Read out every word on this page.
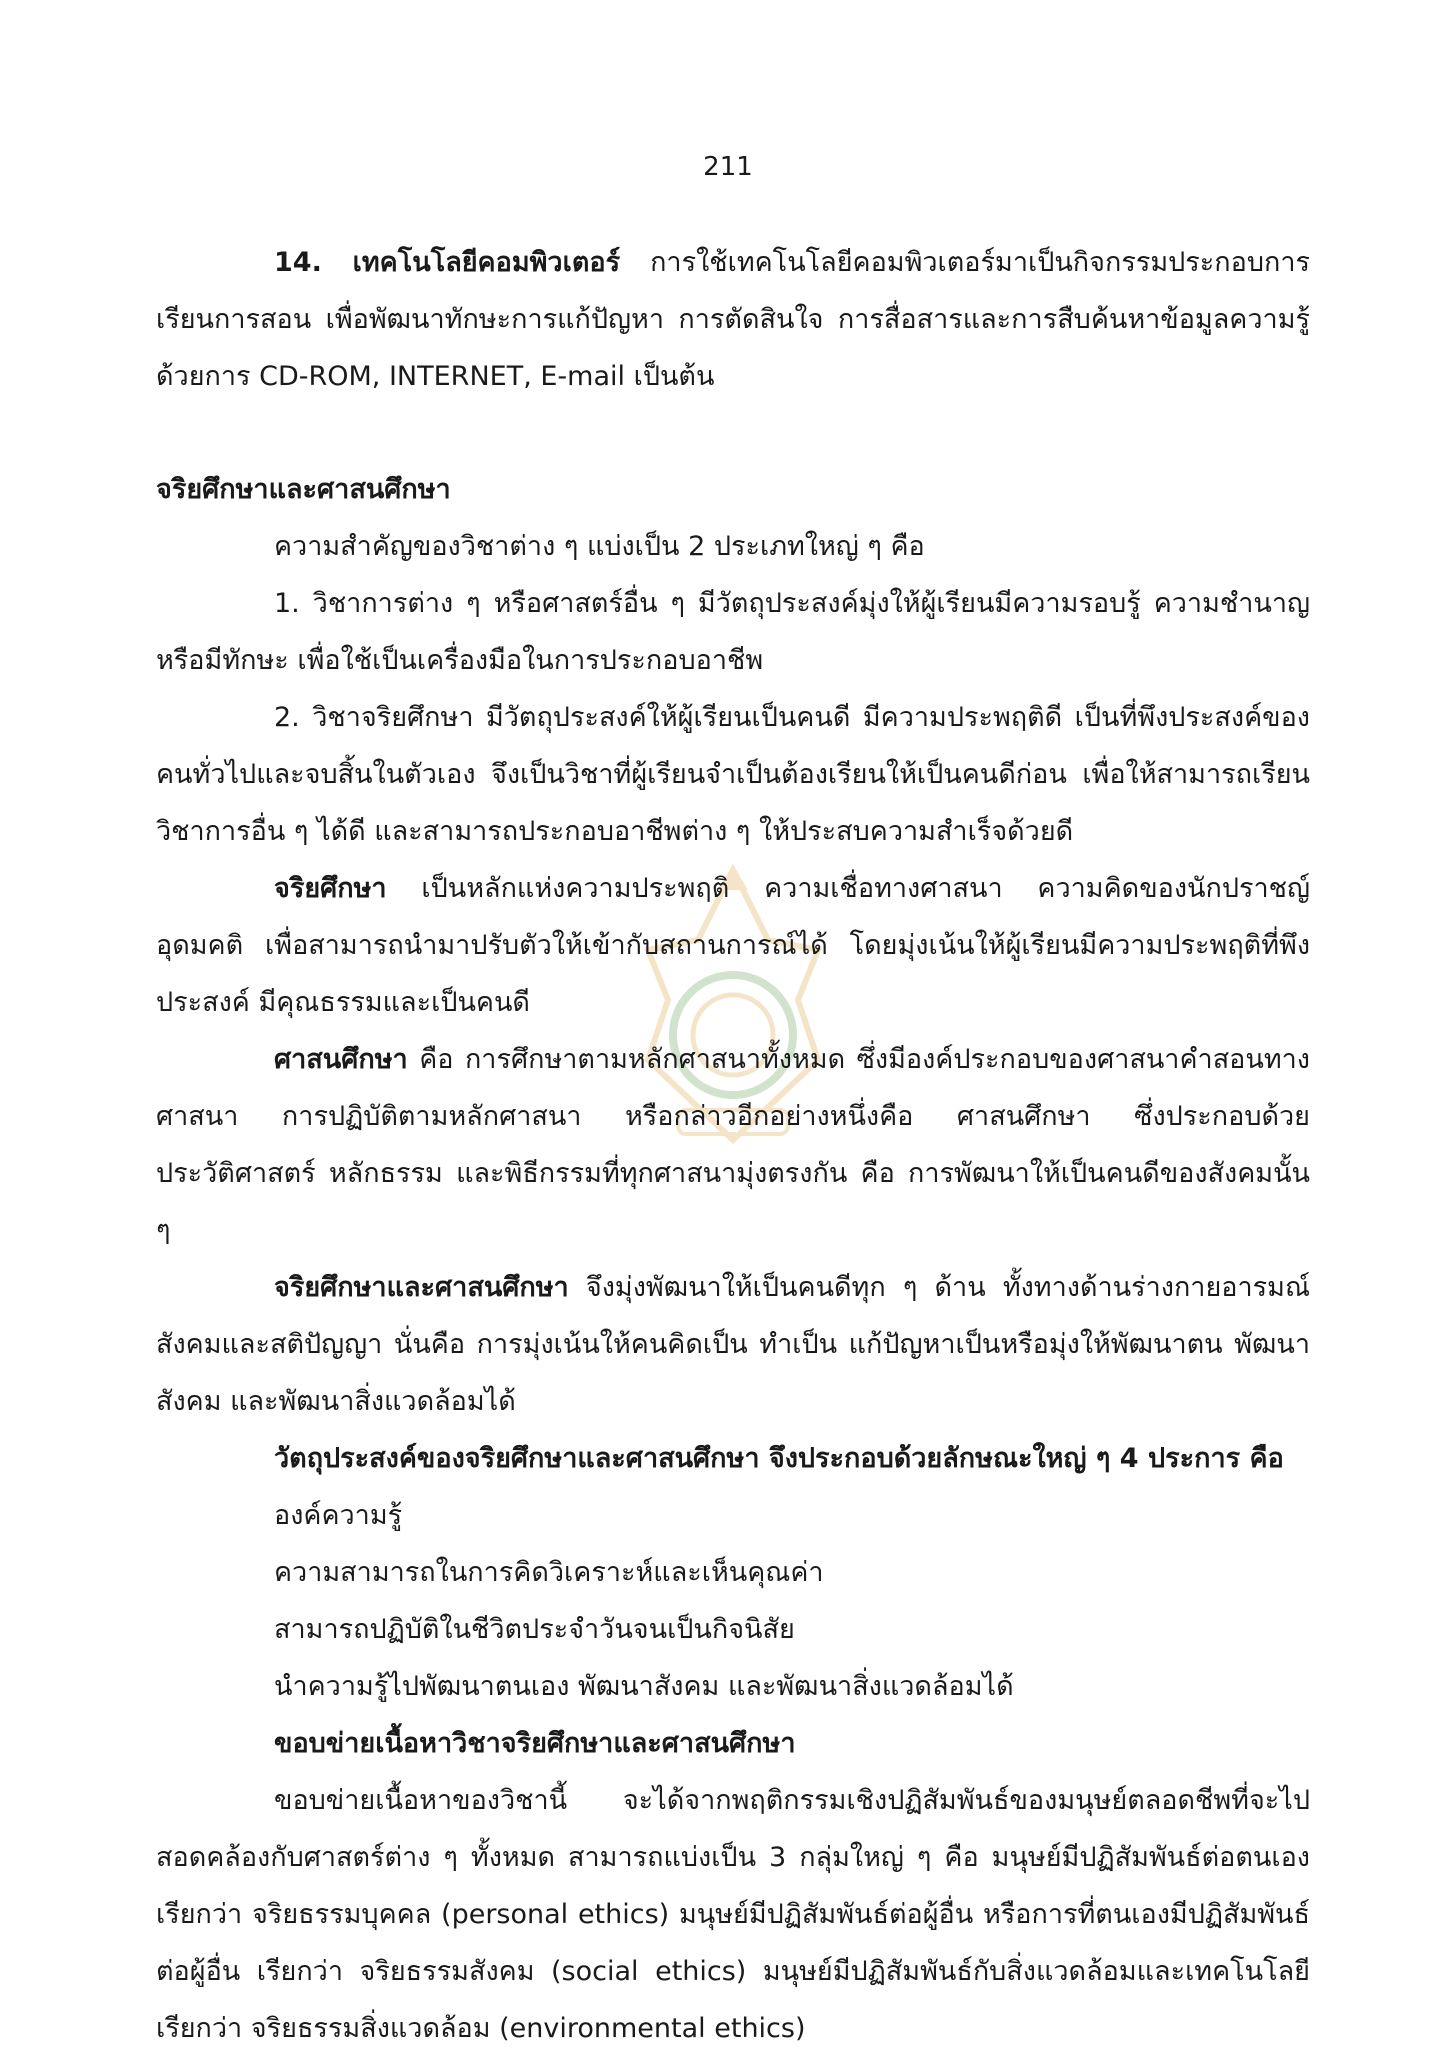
211

14. เทคโนโลยีคอมพิวเตอร์ การใช้เทคโนโลยีคอมพิวเตอร์มาเป็นกิจกรรมประกอบการเรียนการสอน เพื่อพัฒนาทักษะการแก้ปัญหา การตัดสินใจ การสื่อสารและการสืบค้นหาข้อมูลความรู้ด้วยการ CD-ROM, INTERNET, E-mail เป็นต้น

จริยศึกษาและศาสนศึกษา

ความสำคัญของวิชาต่าง ๆ แบ่งเป็น 2 ประเภทใหญ่ ๆ คือ

1. วิชาการต่าง ๆ หรือศาสตร์อื่น ๆ มีวัตถุประสงค์มุ่งให้ผู้เรียนมีความรอบรู้ ความชำนาญหรือมีทักษะ เพื่อใช้เป็นเครื่องมือในการประกอบอาชีพ

2. วิชาจริยศึกษา มีวัตถุประสงค์ให้ผู้เรียนเป็นคนดี มีความประพฤติดี เป็นที่พึงประสงค์ของคนทั่วไปและจบสิ้นในตัวเอง จึงเป็นวิชาที่ผู้เรียนจำเป็นต้องเรียนให้เป็นคนดีก่อน เพื่อให้สามารถเรียนวิชาการอื่น ๆ ได้ดี และสามารถประกอบอาชีพต่าง ๆ ให้ประสบความสำเร็จด้วยดี

จริยศึกษา เป็นหลักแห่งความประพฤติ ความเชื่อทางศาสนา ความคิดของนักปราชญ์อุดมคติ เพื่อสามารถนำมาปรับตัวให้เข้ากับสถานการณ์ได้ โดยมุ่งเน้นให้ผู้เรียนมีความประพฤติที่พึงประสงค์ มีคุณธรรมและเป็นคนดี

ศาสนศึกษา คือ การศึกษาตามหลักศาสนาทั้งหมด ซึ่งมีองค์ประกอบของศาสนาคำสอนทางศาสนา การปฏิบัติตามหลักศาสนา หรือกล่าวอีกอย่างหนึ่งคือ ศาสนศึกษา ซึ่งประกอบด้วยประวัติศาสตร์ หลักธรรม และพิธีกรรมที่ทุกศาสนามุ่งตรงกัน คือ การพัฒนาให้เป็นคนดีของสังคมนั้น ๆ

จริยศึกษาและศาสนศึกษา จึงมุ่งพัฒนาให้เป็นคนดีทุก ๆ ด้าน ทั้งทางด้านร่างกายอารมณ์ สังคมและสติปัญญา นั่นคือ การมุ่งเน้นให้คนคิดเป็น ทำเป็น แก้ปัญหาเป็นหรือมุ่งให้พัฒนาตน พัฒนาสังคม และพัฒนาสิ่งแวดล้อมได้

วัตถุประสงค์ของจริยศึกษาและศาสนศึกษา จึงประกอบด้วยลักษณะใหญ่ ๆ 4 ประการ คือ

องค์ความรู้

ความสามารถในการคิดวิเคราะห์และเห็นคุณค่า

สามารถปฏิบัติในชีวิตประจำวันจนเป็นกิจนิสัย

นำความรู้ไปพัฒนาตนเอง พัฒนาสังคม และพัฒนาสิ่งแวดล้อมได้

ขอบข่ายเนื้อหาวิชาจริยศึกษาและศาสนศึกษา

ขอบข่ายเนื้อหาของวิชานี้ จะได้จากพฤติกรรมเชิงปฏิสัมพันธ์ของมนุษย์ตลอดชีพที่จะไปสอดคล้องกับศาสตร์ต่าง ๆ ทั้งหมด สามารถแบ่งเป็น 3 กลุ่มใหญ่ ๆ คือ มนุษย์มีปฏิสัมพันธ์ต่อตนเอง เรียกว่า จริยธรรมบุคคล (personal ethics) มนุษย์มีปฏิสัมพันธ์ต่อผู้อื่น หรือการที่ตนเองมีปฏิสัมพันธ์ต่อผู้อื่น เรียกว่า จริยธรรมสังคม (social ethics) มนุษย์มีปฏิสัมพันธ์กับสิ่งแวดล้อมและเทคโนโลยี เรียกว่า จริยธรรมสิ่งแวดล้อม (environmental ethics)
